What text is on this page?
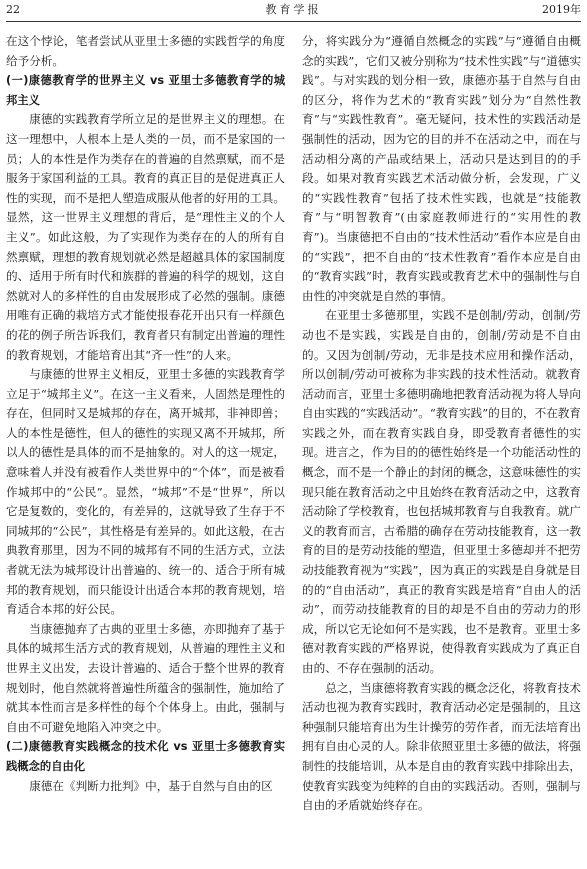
22	教育学报	2019年

在这个悖论，笔者尝试从亚里士多德的实践哲学的角度给予分析。

(一)康德教育学的世界主义 vs 亚里士多德教育学的城邦主义

康德的实践教育学所立足的是世界主义的理想。在这一理想中，人根本上是人类的一员，而不是家国的一员；人的本性是作为类存在的普遍的自然禀赋，而不是服务于家国利益的工具。教育的真正目的是促进真正人性的实现，而不是把人塑造成服从他者的好用的工具。显然，这一世界主义理想的背后，是“理性主义的个人主义”。如此这般，为了实现作为类存在的人的所有自然禀赋，理想的教育规划就必然是超越具体的家国制度的、适用于所有时代和族群的普遍的科学的规划，这自然就对人的多样性的自由发展形成了必然的强制。康德用唯有正确的栽培方式才能使报春花开出只有一样颜色的花的例子所告诉我们，教育者只有制定出普遍的理性的教育规划，才能培育出其“齐一性”的人来。

与康德的世界主义相反，亚里士多德的实践教育学立足于“城邦主义”。在这一主义看来，人固然是理性的存在，但同时又是城邦的存在，离开城邦，非神即兽；人的本性是德性，但人的德性的实现又离不开城邦，所以人的德性是具体的而不是抽象的。对人的这一规定，意味着人并没有被看作人类世界中的“个体”，而是被看作城邦中的“公民”。显然，“城邦”不是“世界”，所以它是复数的，变化的，有差异的，这就导致了生存于不同城邦的“公民”，其性格是有差异的。如此这般，在古典教育那里，因为不同的城邦有不同的生活方式，立法者就无法为城邦设计出普遍的、统一的、适合于所有城邦的教育规划，而只能设计出适合本邦的教育规划，培育适合本邦的好公民。

当康德抛弃了古典的亚里士多德，亦即抛弃了基于具体的城邦生活方式的教育规划，从普遍的理性主义和世界主义出发，去设计普遍的、适合于整个世界的教育规划时，他自然就将普遍性所蕴含的强制性，施加给了就其本性而言是多样性的每个个体身上。由此，强制与自由不可避免地陷入冲突之中。

(二)康德教育实践概念的技术化 vs 亚里士多德教育实践概念的自由化

康德在《判断力批判》中，基于自然与自由的区

分，将实践分为“遵循自然概念的实践”与“遵循自由概念的实践”，它们又被分别称为“技术性实践”与“道德实践”。与对实践的划分相一致，康德亦基于自然与自由的区分，将作为艺术的“教育实践”划分为“自然性教育”与“实践性教育”。毫无疑问，技术性的实践活动是强制性的活动，因为它的目的并不在活动之中，而在与活动相分离的产品或结果上，活动只是达到目的的手段。如果对教育实践艺术活动做分析，会发现，广义的“实践性教育”包括了技术性实践，也就是“技能教育”与“明智教育”(由家庭教师进行的“实用性的教育”)。当康德把不自由的“技术性活动”看作本应是自由的“实践”，把不自由的“技术性教育”看作本应是自由的“教育实践”时，教育实践或教育艺术中的强制性与自由性的冲突就是自然的事情。

在亚里士多德那里，实践不是创制/劳动，创制/劳动也不是实践，实践是自由的，创制/劳动是不自由的。又因为创制/劳动，无非是技术应用和操作活动，所以创制/劳动可被称为非实践的技术性活动。就教育活动而言，亚里士多德明确地把教育活动视为将人导向自由实践的“实践活动”。“教育实践”的目的，不在教育实践之外，而在教育实践自身，即受教育者德性的实现。进言之，作为目的的德性始终是一个功能活动性的概念，而不是一个静止的封闭的概念，这意味德性的实现只能在教育活动之中且始终在教育活动之中，这教育活动除了学校教育，也包括城邦教育与自我教育。就广义的教育而言，古希腊的确存在劳动技能教育，这一教育的目的是劳动技能的塑造，但亚里士多德却并不把劳动技能教育视为“实践”，因为真正的实践是自身就是目的的“自由活动”，真正的教育实践是培育“自由人的活动”，而劳动技能教育的目的却是不自由的劳动力的形成，所以它无论如何不是实践，也不是教育。亚里士多德对教育实践的严格界说，使得教育实践成为了真正自由的、不存在强制的活动。

总之，当康德将教育实践的概念泛化，将教育技术活动也视为教育实践时，教育活动必定是强制的，且这种强制只能培育出为生计操劳的劳作者，而无法培育出拥有自由心灵的人。除非依照亚里士多德的做法，将强制性的技能培训，从本是自由的教育实践中排除出去，使教育实践变为纯粹的自由的实践活动。否则，强制与自由的矛盾就始终存在。
